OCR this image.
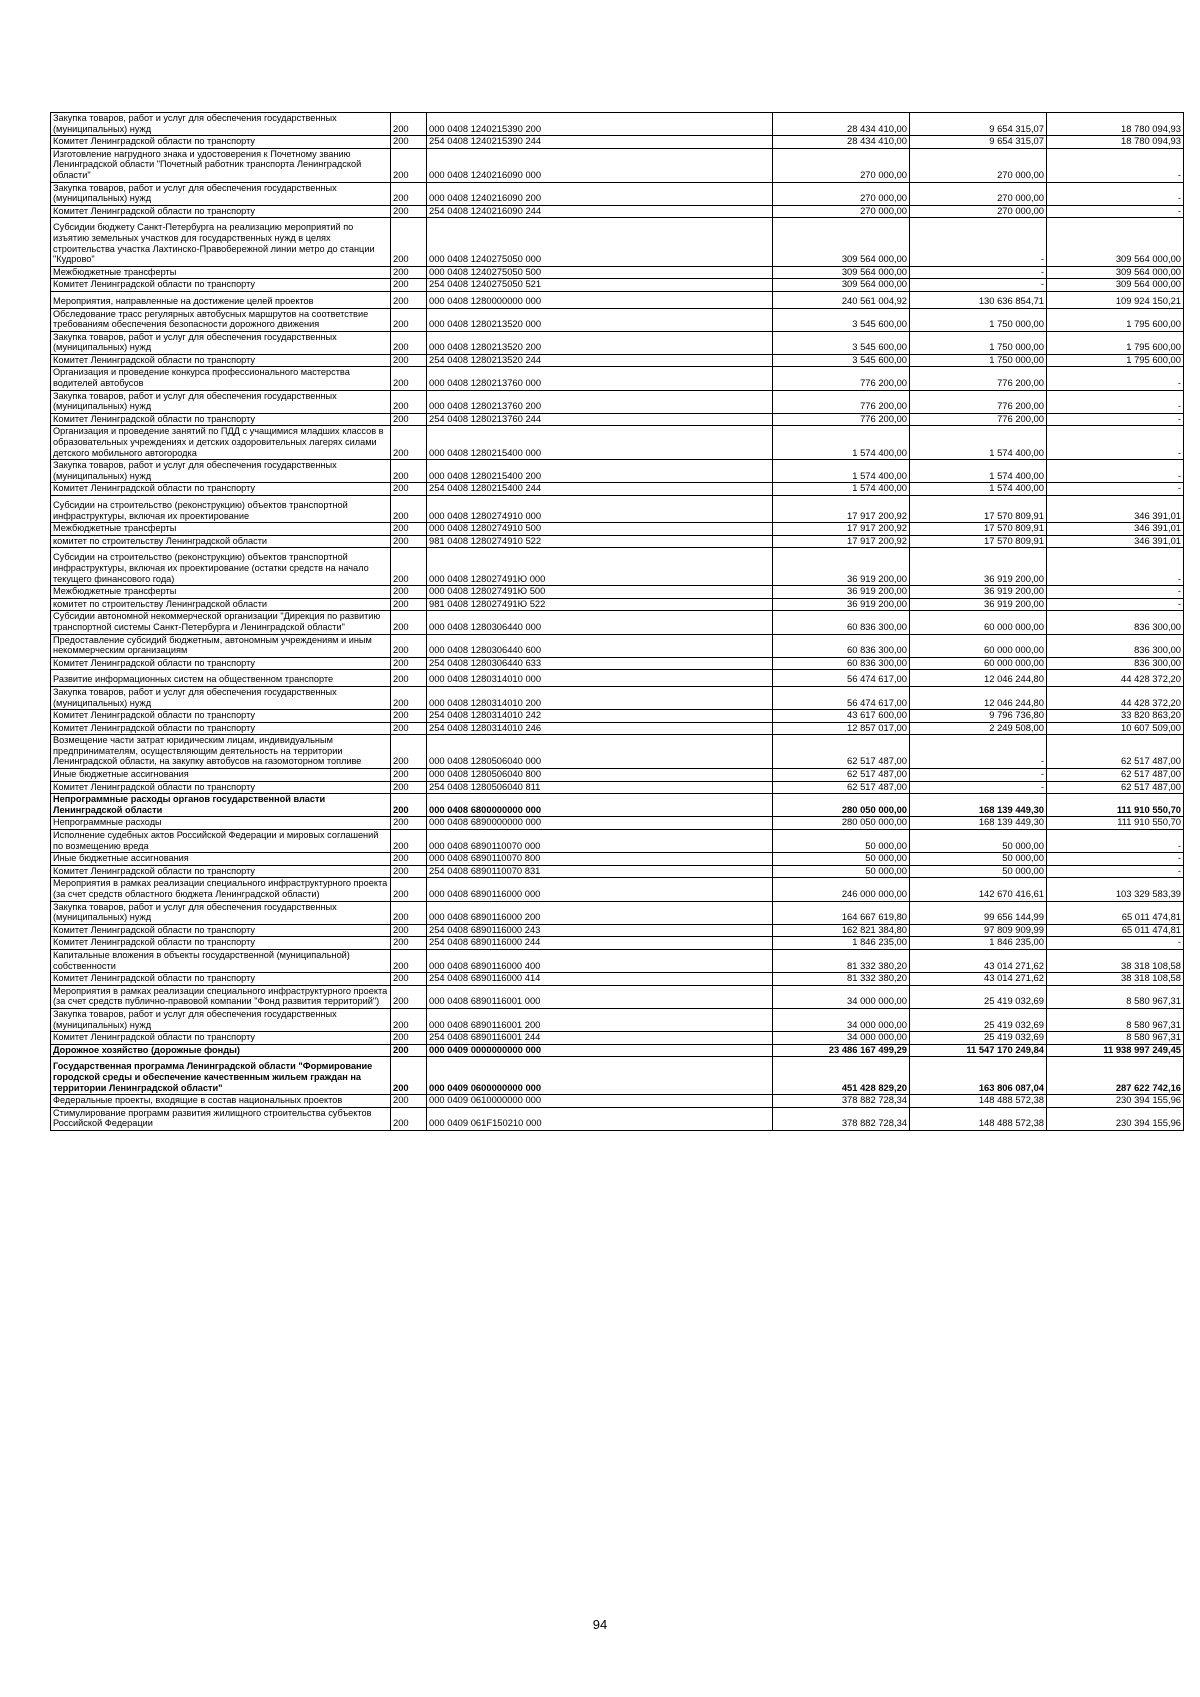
Закупка товаров, работ и услуг для обеспечения государственных (муниципальных) нужд	200	000 0408 1240215390 200	28 434 410,00	9 654 315,07	18 780 094,93
Комитет Ленинградской области по транспорту	200	254 0408 1240215390 244	28 434 410,00	9 654 315,07	18 780 094,93
Изготовление нагрудного знака и удостоверения к Почетному званию Ленинградской области "Почетный работник транспорта Ленинградской области"	200	000 0408 1240216090 000	270 000,00	270 000,00	-
Закупка товаров, работ и услуг для обеспечения государственных (муниципальных) нужд	200	000 0408 1240216090 200	270 000,00	270 000,00	-
Комитет Ленинградской области по транспорту	200	254 0408 1240216090 244	270 000,00	270 000,00	-
Субсидии бюджету Санкт-Петербурга на реализацию мероприятий по изъятию земельных участков для государственных нужд в целях строительства участка Лахтинско-Правобережной линии метро до станции "Кудрово"	200	000 0408 1240275050 000	309 564 000,00	-	309 564 000,00
Межбюджетные трансферты	200	000 0408 1240275050 500	309 564 000,00	-	309 564 000,00
Комитет Ленинградской области по транспорту	200	254 0408 1240275050 521	309 564 000,00	-	309 564 000,00
Мероприятия, направленные на достижение целей проектов	200	000 0408 1280000000 000	240 561 004,92	130 636 854,71	109 924 150,21
Обследование трасс регулярных автобусных маршрутов на соответствие требованиям обеспечения безопасности дорожного движения	200	000 0408 1280213520 000	3 545 600,00	1 750 000,00	1 795 600,00
Закупка товаров, работ и услуг для обеспечения государственных (муниципальных) нужд	200	000 0408 1280213520 200	3 545 600,00	1 750 000,00	1 795 600,00
Комитет Ленинградской области по транспорту	200	254 0408 1280213520 244	3 545 600,00	1 750 000,00	1 795 600,00
Организация и проведение конкурса профессионального мастерства водителей автобусов	200	000 0408 1280213760 000	776 200,00	776 200,00	-
Закупка товаров, работ и услуг для обеспечения государственных (муниципальных) нужд	200	000 0408 1280213760 200	776 200,00	776 200,00	-
Комитет Ленинградской области по транспорту	200	254 0408 1280213760 244	776 200,00	776 200,00	-
Организация и проведение занятий по ПДД с учащимися младших классов в образовательных учреждениях и детских оздоровительных лагерях силами детского мобильного автогородка	200	000 0408 1280215400 000	1 574 400,00	1 574 400,00	-
Закупка товаров, работ и услуг для обеспечения государственных (муниципальных) нужд	200	000 0408 1280215400 200	1 574 400,00	1 574 400,00	-
Комитет Ленинградской области по транспорту	200	254 0408 1280215400 244	1 574 400,00	1 574 400,00	-
Субсидии на строительство (реконструкцию) объектов транспортной инфраструктуры, включая их проектирование	200	000 0408 1280274910 000	17 917 200,92	17 570 809,91	346 391,01
Межбюджетные трансферты	200	000 0408 1280274910 500	17 917 200,92	17 570 809,91	346 391,01
комитет по строительству Ленинградской области	200	981 0408 1280274910 522	17 917 200,92	17 570 809,91	346 391,01
Субсидии на строительство (реконструкцию) объектов транспортной инфраструктуры, включая их проектирование (остатки средств на начало текущего финансового года)	200	000 0408 128027491Ю 000	36 919 200,00	36 919 200,00	-
Межбюджетные трансферты	200	000 0408 128027491Ю 500	36 919 200,00	36 919 200,00	-
комитет по строительству Ленинградской области	200	981 0408 128027491Ю 522	36 919 200,00	36 919 200,00	-
Субсидии автономной некоммерческой организации "Дирекция по развитию транспортной системы Санкт-Петербурга и Ленинградской области"	200	000 0408 1280306440 000	60 836 300,00	60 000 000,00	836 300,00
Предоставление субсидий бюджетным, автономным учреждениям и иным некоммерческим организациям	200	000 0408 1280306440 600	60 836 300,00	60 000 000,00	836 300,00
Комитет Ленинградской области по транспорту	200	254 0408 1280306440 633	60 836 300,00	60 000 000,00	836 300,00
Развитие информационных систем на общественном транспорте	200	000 0408 1280314010 000	56 474 617,00	12 046 244,80	44 428 372,20
Закупка товаров, работ и услуг для обеспечения государственных (муниципальных) нужд	200	000 0408 1280314010 200	56 474 617,00	12 046 244,80	44 428 372,20
Комитет Ленинградской области по транспорту	200	254 0408 1280314010 242	43 617 600,00	9 796 736,80	33 820 863,20
Комитет Ленинградской области по транспорту	200	254 0408 1280314010 246	12 857 017,00	2 249 508,00	10 607 509,00
Возмещение части затрат юридическим лицам, индивидуальным предпринимателям, осуществляющим деятельность на территории Ленинградской области, на закупку автобусов на газомоторном топливе	200	000 0408 1280506040 000	62 517 487,00	-	62 517 487,00
Иные бюджетные ассигнования	200	000 0408 1280506040 800	62 517 487,00	-	62 517 487,00
Комитет Ленинградской области по транспорту	200	254 0408 1280506040 811	62 517 487,00	-	62 517 487,00
Непрограммные расходы органов государственной власти Ленинградской области	200	000 0408 6800000000 000	280 050 000,00	168 139 449,30	111 910 550,70
Непрограммные расходы	200	000 0408 6890000000 000	280 050 000,00	168 139 449,30	111 910 550,70
Исполнение судебных актов Российской Федерации и мировых соглашений по возмещению вреда	200	000 0408 6890110070 000	50 000,00	50 000,00	-
Иные бюджетные ассигнования	200	000 0408 6890110070 800	50 000,00	50 000,00	-
Комитет Ленинградской области по транспорту	200	254 0408 6890110070 831	50 000,00	50 000,00	-
Мероприятия в рамках реализации специального инфраструктурного проекта (за счет средств областного бюджета Ленинградской области)	200	000 0408 6890116000 000	246 000 000,00	142 670 416,61	103 329 583,39
Закупка товаров, работ и услуг для обеспечения государственных (муниципальных) нужд	200	000 0408 6890116000 200	164 667 619,80	99 656 144,99	65 011 474,81
Комитет Ленинградской области по транспорту	200	254 0408 6890116000 243	162 821 384,80	97 809 909,99	65 011 474,81
Комитет Ленинградской области по транспорту	200	254 0408 6890116000 244	1 846 235,00	1 846 235,00	-
Капитальные вложения в объекты государственной (муниципальной) собственности	200	000 0408 6890116000 400	81 332 380,20	43 014 271,62	38 318 108,58
Комитет Ленинградской области по транспорту	200	254 0408 6890116000 414	81 332 380,20	43 014 271,62	38 318 108,58
Мероприятия в рамках реализации специального инфраструктурного проекта (за счет средств публично-правовой компании "Фонд развития территорий")	200	000 0408 6890116001 000	34 000 000,00	25 419 032,69	8 580 967,31
Закупка товаров, работ и услуг для обеспечения государственных (муниципальных) нужд	200	000 0408 6890116001 200	34 000 000,00	25 419 032,69	8 580 967,31
Комитет Ленинградской области по транспорту	200	254 0408 6890116001 244	34 000 000,00	25 419 032,69	8 580 967,31
Дорожное хозяйство (дорожные фонды)	200	000 0409 0000000000 000	23 486 167 499,29	11 547 170 249,84	11 938 997 249,45
Государственная программа Ленинградской области "Формирование городской среды и обеспечение качественным жильем граждан на территории Ленинградской области"	200	000 0409 0600000000 000	451 428 829,20	163 806 087,04	287 622 742,16
Федеральные проекты, входящие в состав национальных проектов	200	000 0409 0610000000 000	378 882 728,34	148 488 572,38	230 394 155,96
Стимулирование программ развития жилищного строительства субъектов Российской Федерации	200	000 0409 061F150210 000	378 882 728,34	148 488 572,38	230 394 155,96
94
